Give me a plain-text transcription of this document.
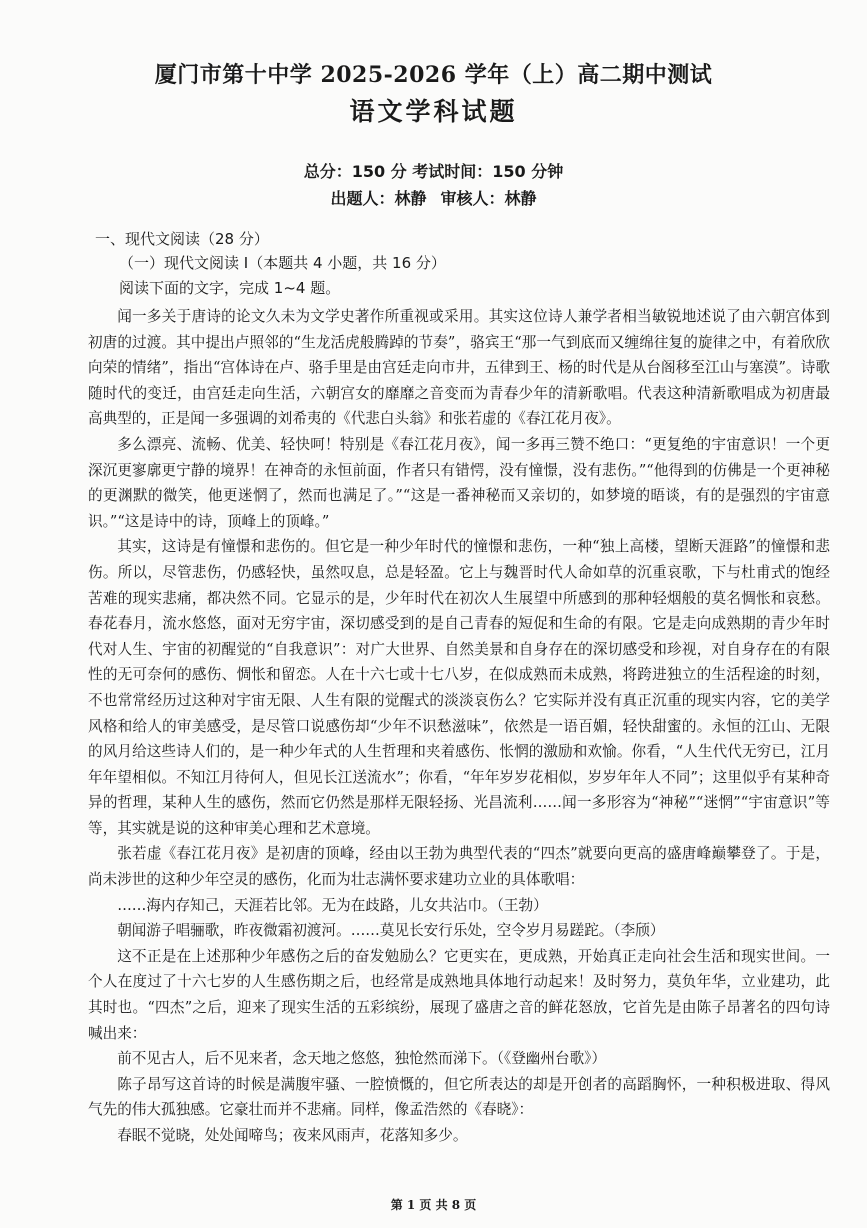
厦门市第十中学 2025-2026 学年（上）高二期中测试
语文学科试题
总分：150 分 考试时间：150 分钟
出题人：林静 审核人：林静
一、现代文阅读（28 分）
（一）现代文阅读 I（本题共 4 小题，共 16 分）
阅读下面的文字，完成 1~4 题。

闻一多关于唐诗的论文久未为文学史著作所重视或采用。其实这位诗人兼学者相当敏锐地述说了由六朝宫体到初唐的过渡。其中提出卢照邻的“生龙活虎般腾踔的节奏”，骆宾王“那一气到底而又缠绵往复的旋律之中，有着欣欣向荣的情绪”，指出“宫体诗在卢、骆手里是由宫廷走向市井，五律到王、杨的时代是从台阁移至江山与塞漠”。诗歌随时代的变迁，由宫廷走向生活，六朝宫女的靡靡之音变而为青春少年的清新歌唱。代表这种清新歌唱成为初唐最高典型的，正是闻一多强调的刘希夷的《代悲白头翁》和张若虚的《春江花月夜》。

多么漂亮、流畅、优美、轻快呵！特别是《春江花月夜》，闻一多再三赞不绝口：“更复绝的宇宙意识！一个更深沉更寥廓更宁静的境界！在神奇的永恒前面，作者只有错愕，没有憧憬，没有悲伤。”“他得到的仿佛是一个更神秘的更渊默的微笑，他更迷惘了，然而也满足了。”“这是一番神秘而又亲切的，如梦境的晤谈，有的是强烈的宇宙意识。”“这是诗中的诗，顶峰上的顶峰。”

其实，这诗是有憧憬和悲伤的。但它是一种少年时代的憧憬和悲伤，一种“独上高楼，望断天涯路”的憧憬和悲伤。所以，尽管悲伤，仍感轻快，虽然叹息，总是轻盈。它上与魏晋时代人命如草的沉重哀歌，下与杜甫式的饱经苦难的现实悲痛，都决然不同。它显示的是，少年时代在初次人生展望中所感到的那种轻烟般的莫名惆怅和哀愁。春花春月，流水悠悠，面对无穷宇宙，深切感受到的是自己青春的短促和生命的有限。它是走向成熟期的青少年时代对人生、宇宙的初醒觉的“自我意识”：对广大世界、自然美景和自身存在的深切感受和珍视，对自身存在的有限性的无可奈何的感伤、惆怅和留恋。人在十六七或十七八岁，在似成熟而未成熟，将跨进独立的生活程途的时刻，不也常常经历过这种对宇宙无限、人生有限的觉醒式的淡淡哀伤么？它实际并没有真正沉重的现实内容，它的美学风格和给人的审美感受，是尽管口说感伤却“少年不识愁滋味”，依然是一语百媚，轻快甜蜜的。永恒的江山、无限的风月给这些诗人们的，是一种少年式的人生哲理和夹着感伤、怅惘的激励和欢愉。你看，“人生代代无穷已，江月年年望相似。不知江月待何人，但见长江送流水”；你看，“年年岁岁花相似，岁岁年年人不同”；这里似乎有某种奇异的哲理，某种人生的感伤，然而它仍然是那样无限轻扬、光昌流利……闻一多形容为“神秘”“迷惘”“宇宙意识”等等，其实就是说的这种审美心理和艺术意境。

张若虚《春江花月夜》是初唐的顶峰，经由以王勃为典型代表的“四杰”就要向更高的盛唐峰巅攀登了。于是，尚未涉世的这种少年空灵的感伤，化而为壮志满怀要求建功立业的具体歌唱：

……海内存知己，天涯若比邻。无为在歧路，儿女共沾巾。（王勃）

朝闻游子唱骊歌，昨夜微霜初渡河。……莫见长安行乐处，空令岁月易蹉跎。（李颀）

这不正是在上述那种少年感伤之后的奋发勉励么？它更实在，更成熟，开始真正走向社会生活和现实世间。一个人在度过了十六七岁的人生感伤期之后，也经常是成熟地具体地行动起来！及时努力，莫负年华，立业建功，此其时也。“四杰”之后，迎来了现实生活的五彩缤纷，展现了盛唐之音的鲜花怒放，它首先是由陈子昂著名的四句诗喊出来：

前不见古人，后不见来者，念天地之悠悠，独怆然而涕下。（《登幽州台歌》）

陈子昂写这首诗的时候是满腹牢骚、一腔愤慨的，但它所表达的却是开创者的高蹈胸怀，一种积极进取、得风气先的伟大孤独感。它豪壮而并不悲痛。同样，像孟浩然的《春晓》：

春眠不觉晓，处处闻啼鸟；夜来风雨声，花落知多少。

第 1 页 共 8 页
